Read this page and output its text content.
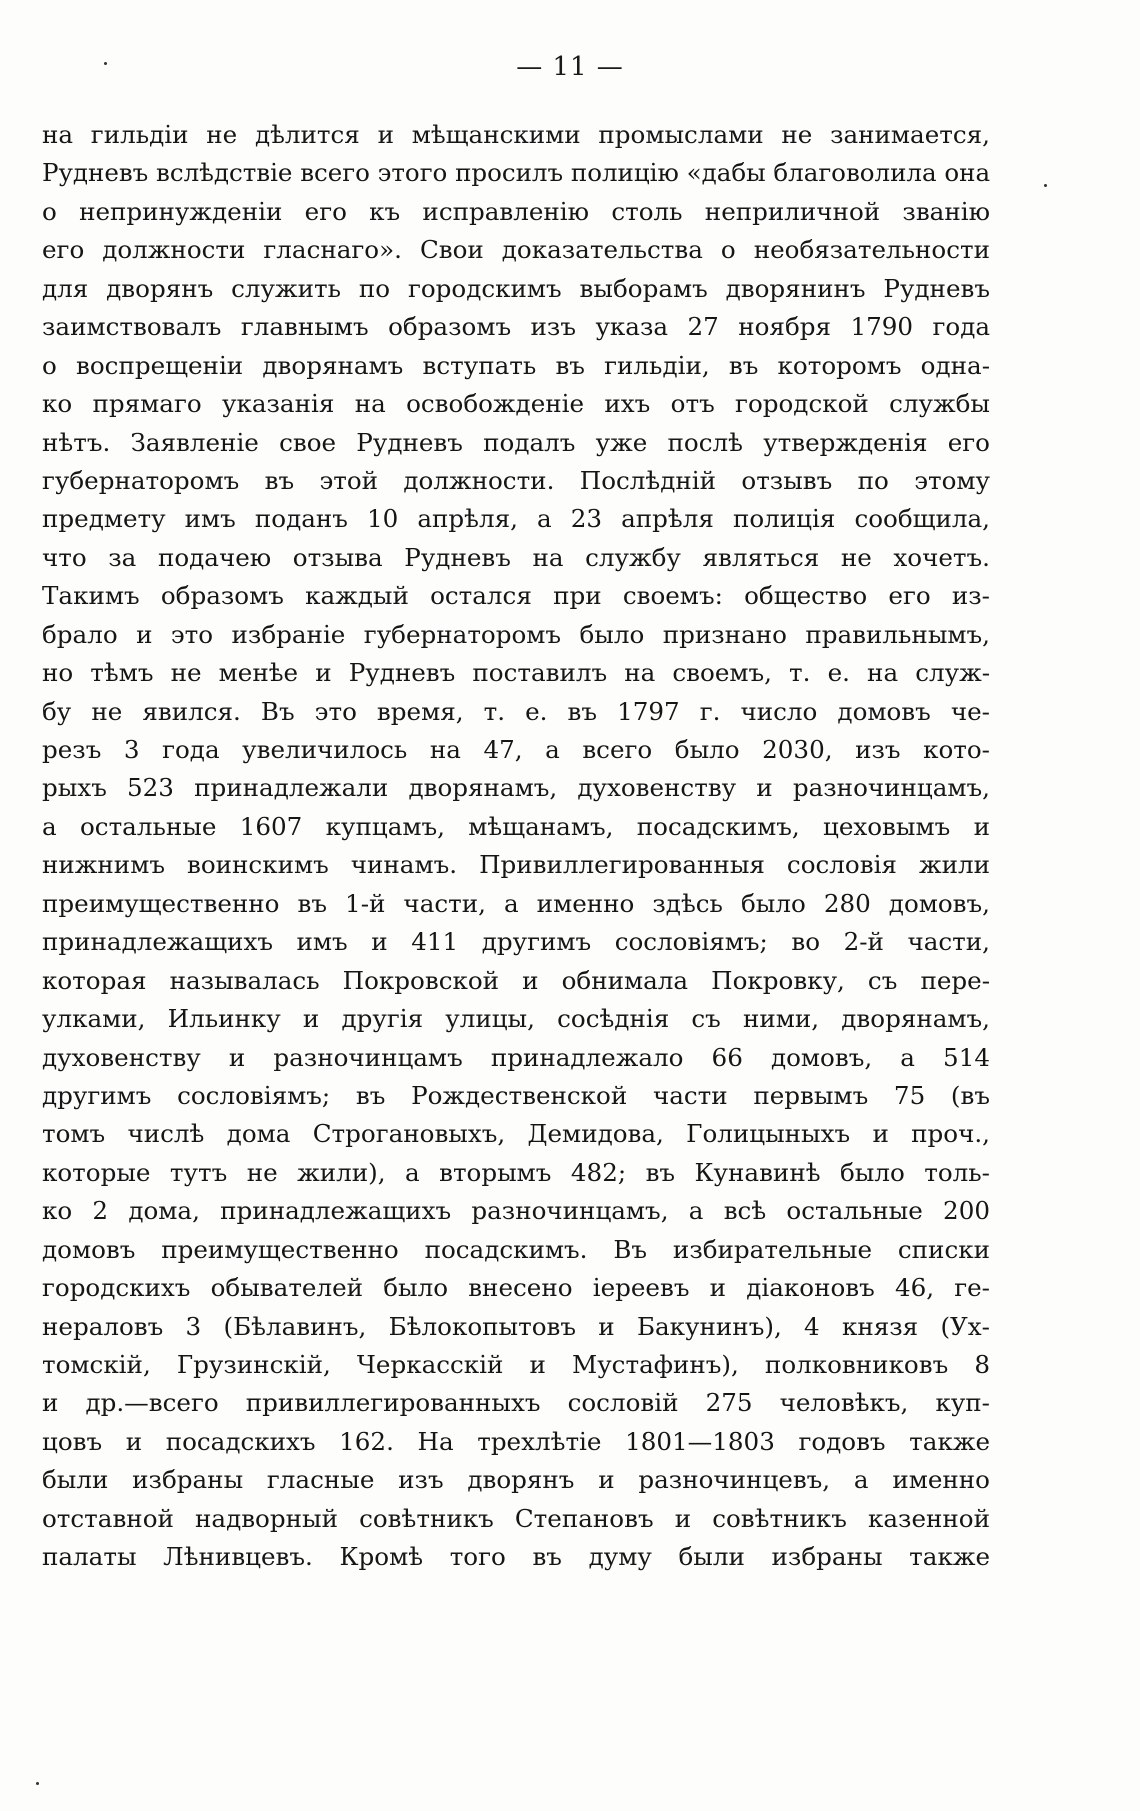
— 11 —
на гильдіи не дѣлится и мѣщанскими промыслами не занимается,
Рудневъ вслѣдствіе всего этого просилъ полицію «дабы благоволила она
о непринужденіи его къ исправленію столь неприличной званію
его должности гласнаго». Свои доказательства о необязательности
для дворянъ служить по городскимъ выборамъ дворянинъ Рудневъ
заимствовалъ главнымъ образомъ изъ указа 27 ноября 1790 года
о воспрещеніи дворянамъ вступать въ гильдіи, въ которомъ одна-
ко прямаго указанія на освобожденіе ихъ отъ городской службы
нѣтъ. Заявленіе свое Рудневъ подалъ уже послѣ утвержденія его
губернаторомъ въ этой должности. Послѣдній отзывъ по этому
предмету имъ поданъ 10 апрѣля, а 23 апрѣля полиція сообщила,
что за подачею отзыва Рудневъ на службу являться не хочетъ.
Такимъ образомъ каждый остался при своемъ: общество его из-
брало и это избраніе губернаторомъ было признано правильнымъ,
но тѣмъ не менѣе и Рудневъ поставилъ на своемъ, т. е. на служ-
бу не явился. Въ это время, т. е. въ 1797 г. число домовъ че-
резъ 3 года увеличилось на 47, а всего было 2030, изъ кото-
рыхъ 523 принадлежали дворянамъ, духовенству и разночинцамъ,
а остальные 1607 купцамъ, мѣщанамъ, посадскимъ, цеховымъ и
нижнимъ воинскимъ чинамъ. Привиллегированныя сословія жили
преимущественно въ 1-й части, а именно здѣсь было 280 домовъ,
принадлежащихъ имъ и 411 другимъ сословіямъ; во 2-й части,
которая называлась Покровской и обнимала Покровку, съ пере-
улками, Ильинку и другія улицы, сосѣднія съ ними, дворянамъ,
духовенству и разночинцамъ принадлежало 66 домовъ, а 514
другимъ сословіямъ; въ Рождественской части первымъ 75 (въ
томъ числѣ дома Строгановыхъ, Демидова, Голицыныхъ и проч.,
которые тутъ не жили), а вторымъ 482; въ Кунавинѣ было толь-
ко 2 дома, принадлежащихъ разночинцамъ, а всѣ остальные 200
домовъ преимущественно посадскимъ. Въ избирательные списки
городскихъ обывателей было внесено іереевъ и діаконовъ 46, ге-
нераловъ 3 (Бѣлавинъ, Бѣлокопытовъ и Бакунинъ), 4 князя (Ух-
томскій, Грузинскій, Черкасскій и Мустафинъ), полковниковъ 8
и др.—всего привиллегированныхъ сословій 275 человѣкъ, куп-
цовъ и посадскихъ 162. На трехлѣтіе 1801—1803 годовъ также
были избраны гласные изъ дворянъ и разночинцевъ, а именно
отставной надворный совѣтникъ Степановъ и совѣтникъ казенной
палаты Лѣнивцевъ. Кромѣ того въ думу были избраны также
